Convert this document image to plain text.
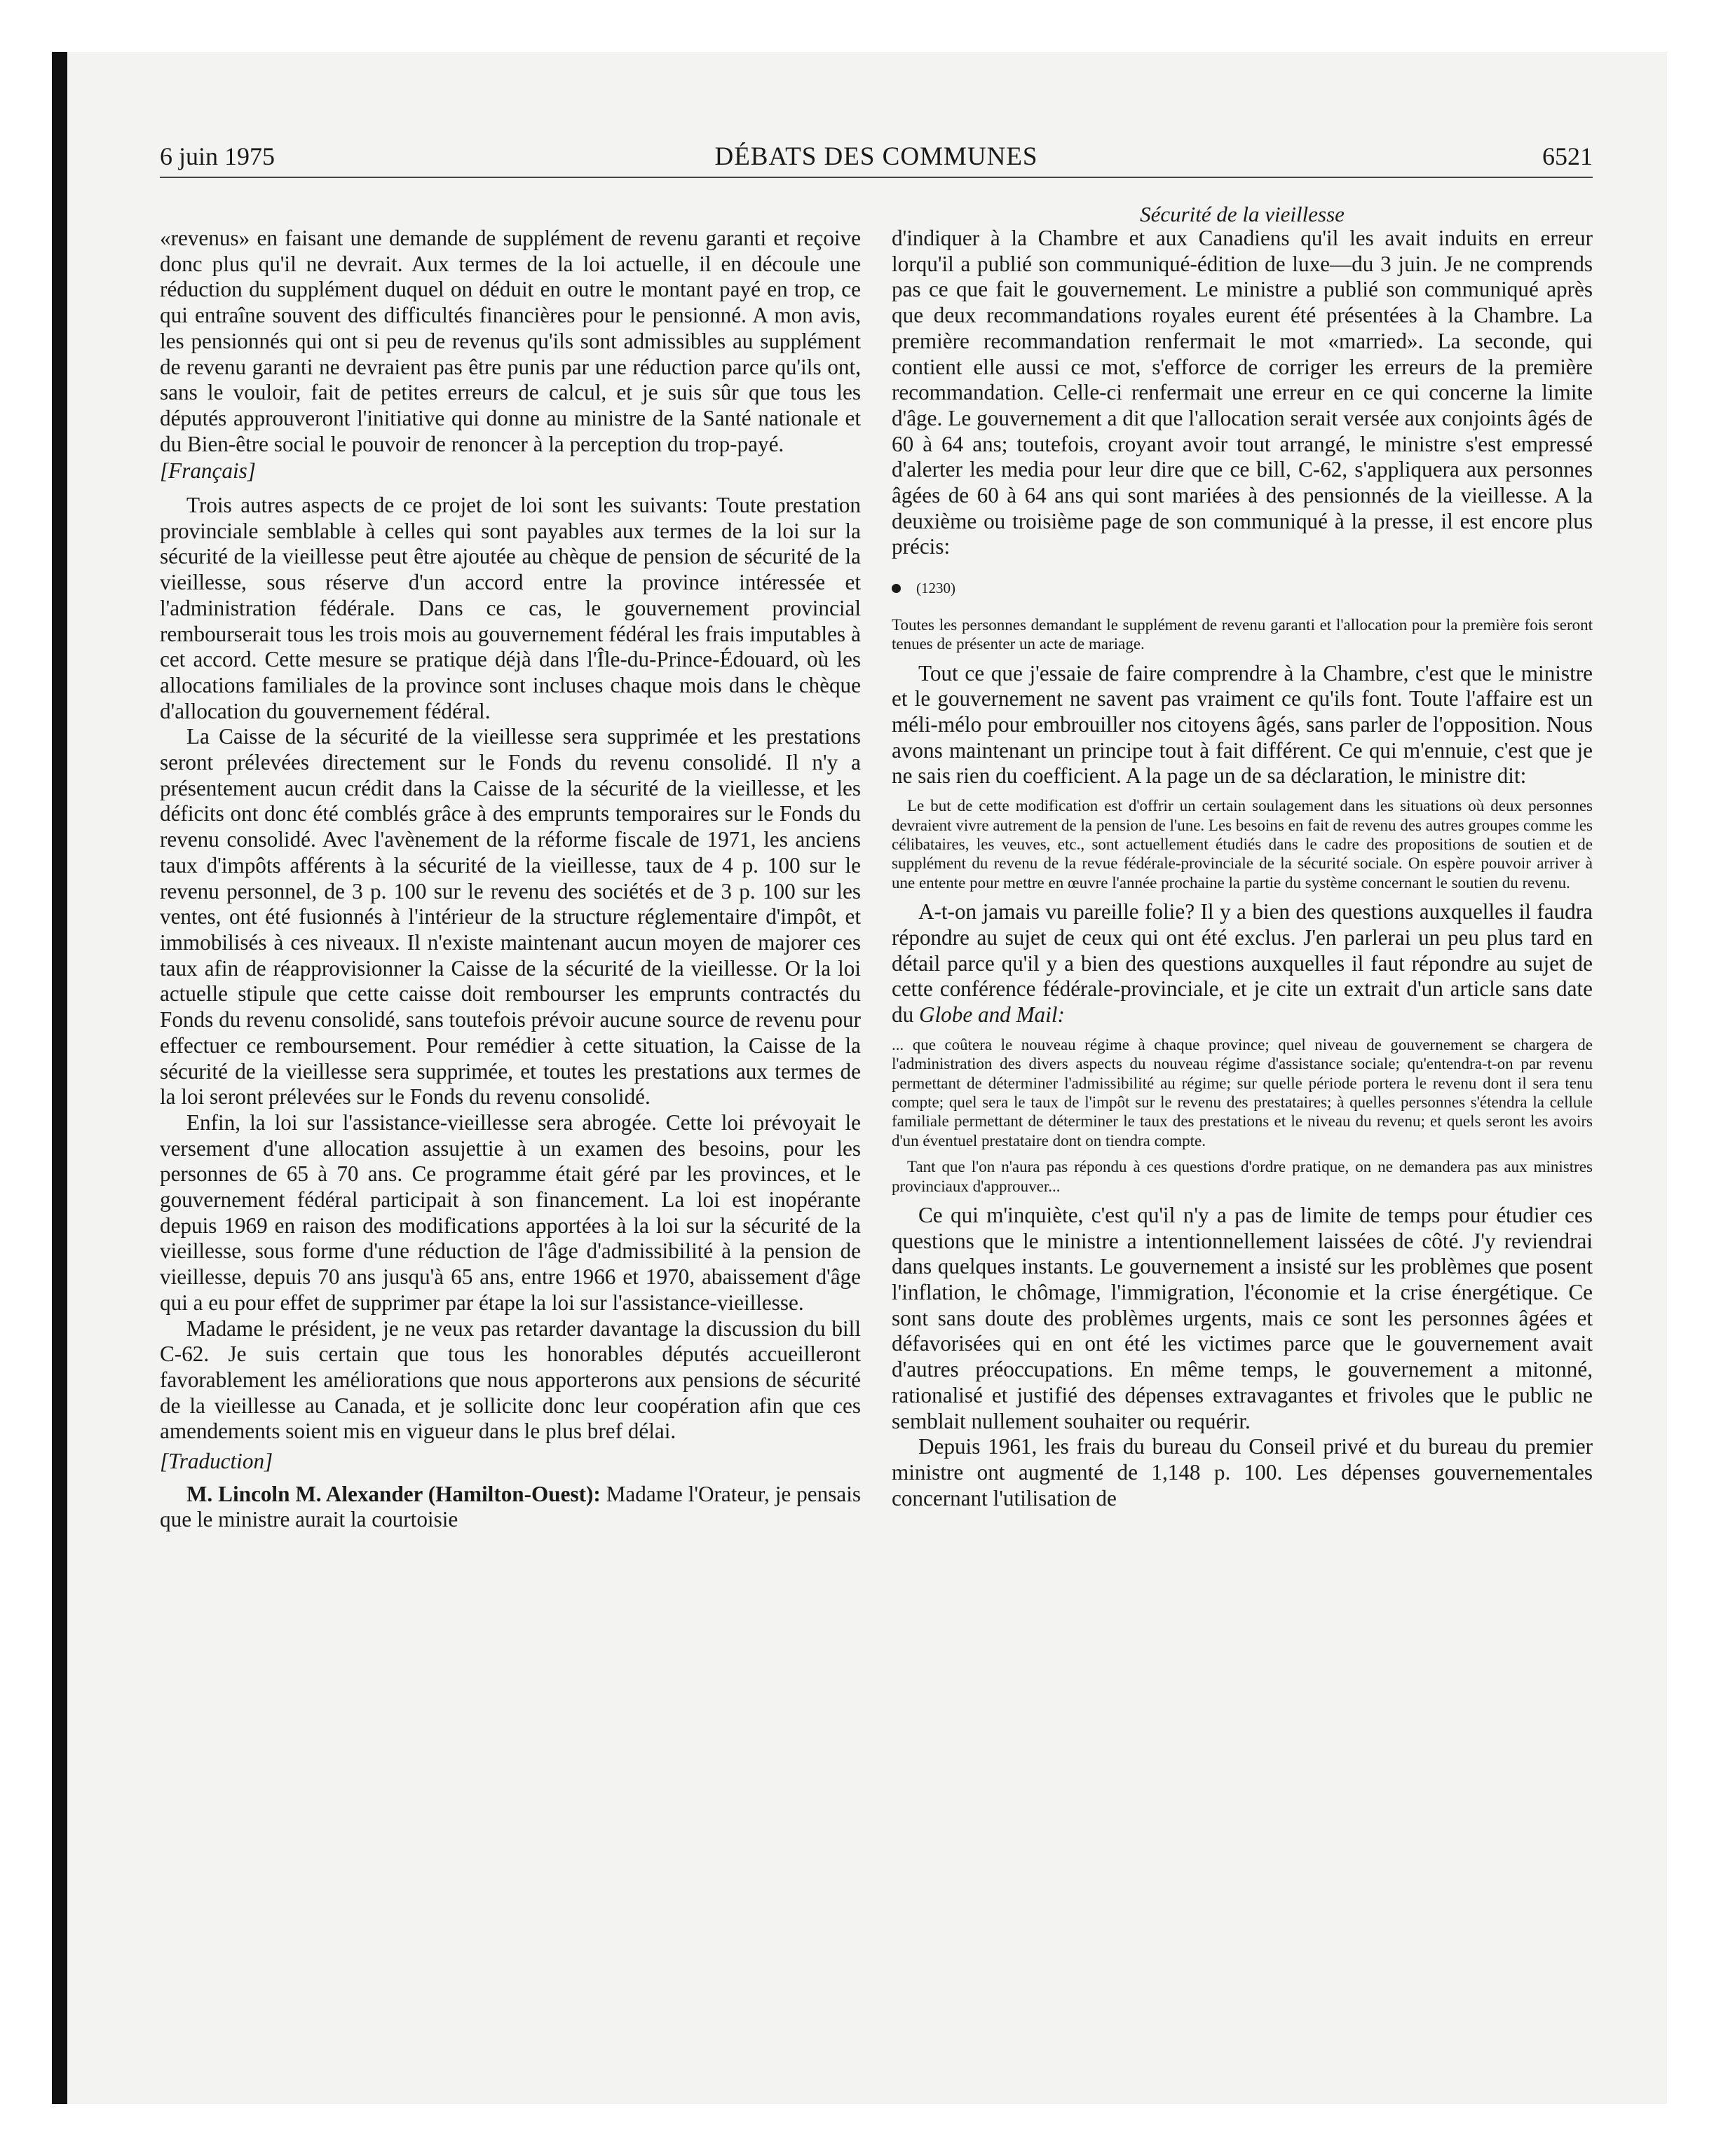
6 juin 1975	DÉBATS DES COMMUNES	6521
Sécurité de la vieillesse

«revenus» en faisant une demande de supplément de revenu garanti et reçoive donc plus qu'il ne devrait. Aux termes de la loi actuelle, il en découle une réduction du supplément duquel on déduit en outre le montant payé en trop, ce qui entraîne souvent des difficultés financières pour le pensionné. A mon avis, les pensionnés qui ont si peu de revenus qu'ils sont admissibles au supplément de revenu garanti ne devraient pas être punis par une réduction parce qu'ils ont, sans le vouloir, fait de petites erreurs de calcul, et je suis sûr que tous les députés approuveront l'initiative qui donne au ministre de la Santé nationale et du Bien-être social le pouvoir de renoncer à la perception du trop-payé.

[Français]

Trois autres aspects de ce projet de loi sont les suivants: Toute prestation provinciale semblable à celles qui sont payables aux termes de la loi sur la sécurité de la vieillesse peut être ajoutée au chèque de pension de sécurité de la vieillesse, sous réserve d'un accord entre la province intéressée et l'administration fédérale. Dans ce cas, le gouvernement provincial rembourserait tous les trois mois au gouvernement fédéral les frais imputables à cet accord. Cette mesure se pratique déjà dans l'Île-du-Prince-Édouard, où les allocations familiales de la province sont incluses chaque mois dans le chèque d'allocation du gouvernement fédéral.

La Caisse de la sécurité de la vieillesse sera supprimée et les prestations seront prélevées directement sur le Fonds du revenu consolidé. Il n'y a présentement aucun crédit dans la Caisse de la sécurité de la vieillesse, et les déficits ont donc été comblés grâce à des emprunts temporaires sur le Fonds du revenu consolidé. Avec l'avènement de la réforme fiscale de 1971, les anciens taux d'impôts afférents à la sécurité de la vieillesse, taux de 4 p. 100 sur le revenu personnel, de 3 p. 100 sur le revenu des sociétés et de 3 p. 100 sur les ventes, ont été fusionnés à l'intérieur de la structure réglementaire d'impôt, et immobilisés à ces niveaux. Il n'existe maintenant aucun moyen de majorer ces taux afin de réapprovisionner la Caisse de la sécurité de la vieillesse. Or la loi actuelle stipule que cette caisse doit rembourser les emprunts contractés du Fonds du revenu consolidé, sans toutefois prévoir aucune source de revenu pour effectuer ce remboursement. Pour remédier à cette situation, la Caisse de la sécurité de la vieillesse sera supprimée, et toutes les prestations aux termes de la loi seront prélevées sur le Fonds du revenu consolidé.

Enfin, la loi sur l'assistance-vieillesse sera abrogée. Cette loi prévoyait le versement d'une allocation assujettie à un examen des besoins, pour les personnes de 65 à 70 ans. Ce programme était géré par les provinces, et le gouvernement fédéral participait à son financement. La loi est inopérante depuis 1969 en raison des modifications apportées à la loi sur la sécurité de la vieillesse, sous forme d'une réduction de l'âge d'admissibilité à la pension de vieillesse, depuis 70 ans jusqu'à 65 ans, entre 1966 et 1970, abaissement d'âge qui a eu pour effet de supprimer par étape la loi sur l'assistance-vieillesse.

Madame le président, je ne veux pas retarder davantage la discussion du bill C-62. Je suis certain que tous les honorables députés accueilleront favorablement les améliorations que nous apporterons aux pensions de sécurité de la vieillesse au Canada, et je sollicite donc leur coopération afin que ces amendements soient mis en vigueur dans le plus bref délai.

[Traduction]

M. Lincoln M. Alexander (Hamilton-Ouest): Madame l'Orateur, je pensais que le ministre aurait la courtoisie

d'indiquer à la Chambre et aux Canadiens qu'il les avait induits en erreur lorqu'il a publié son communiqué-édition de luxe—du 3 juin. Je ne comprends pas ce que fait le gouvernement. Le ministre a publié son communiqué après que deux recommandations royales eurent été présentées à la Chambre. La première recommandation renfermait le mot «married». La seconde, qui contient elle aussi ce mot, s'efforce de corriger les erreurs de la première recommandation. Celle-ci renfermait une erreur en ce qui concerne la limite d'âge. Le gouvernement a dit que l'allocation serait versée aux conjoints âgés de 60 à 64 ans; toutefois, croyant avoir tout arrangé, le ministre s'est empressé d'alerter les media pour leur dire que ce bill, C-62, s'appliquera aux personnes âgées de 60 à 64 ans qui sont mariées à des pensionnés de la vieillesse. A la deuxième ou troisième page de son communiqué à la presse, il est encore plus précis:

(1230)

Toutes les personnes demandant le supplément de revenu garanti et l'allocation pour la première fois seront tenues de présenter un acte de mariage.

Tout ce que j'essaie de faire comprendre à la Chambre, c'est que le ministre et le gouvernement ne savent pas vraiment ce qu'ils font. Toute l'affaire est un méli-mélo pour embrouiller nos citoyens âgés, sans parler de l'opposition. Nous avons maintenant un principe tout à fait différent. Ce qui m'ennuie, c'est que je ne sais rien du coefficient. A la page un de sa déclaration, le ministre dit:

Le but de cette modification est d'offrir un certain soulagement dans les situations où deux personnes devraient vivre autrement de la pension de l'une. Les besoins en fait de revenu des autres groupes comme les célibataires, les veuves, etc., sont actuellement étudiés dans le cadre des propositions de soutien et de supplément du revenu de la revue fédérale-provinciale de la sécurité sociale. On espère pouvoir arriver à une entente pour mettre en œuvre l'année prochaine la partie du système concernant le soutien du revenu.

A-t-on jamais vu pareille folie? Il y a bien des questions auxquelles il faudra répondre au sujet de ceux qui ont été exclus. J'en parlerai un peu plus tard en détail parce qu'il y a bien des questions auxquelles il faut répondre au sujet de cette conférence fédérale-provinciale, et je cite un extrait d'un article sans date du Globe and Mail:

... que coûtera le nouveau régime à chaque province; quel niveau de gouvernement se chargera de l'administration des divers aspects du nouveau régime d'assistance sociale; qu'entendra-t-on par revenu permettant de déterminer l'admissibilité au régime; sur quelle période portera le revenu dont il sera tenu compte; quel sera le taux de l'impôt sur le revenu des prestataires; à quelles personnes s'étendra la cellule familiale permettant de déterminer le taux des prestations et le niveau du revenu; et quels seront les avoirs d'un éventuel prestataire dont on tiendra compte.

Tant que l'on n'aura pas répondu à ces questions d'ordre pratique, on ne demandera pas aux ministres provinciaux d'approuver...

Ce qui m'inquiète, c'est qu'il n'y a pas de limite de temps pour étudier ces questions que le ministre a intentionnellement laissées de côté. J'y reviendrai dans quelques instants. Le gouvernement a insisté sur les problèmes que posent l'inflation, le chômage, l'immigration, l'économie et la crise énergétique. Ce sont sans doute des problèmes urgents, mais ce sont les personnes âgées et défavorisées qui en ont été les victimes parce que le gouvernement avait d'autres préoccupations. En même temps, le gouvernement a mitonné, rationalisé et justifié des dépenses extravagantes et frivoles que le public ne semblait nullement souhaiter ou requérir.

Depuis 1961, les frais du bureau du Conseil privé et du bureau du premier ministre ont augmenté de 1,148 p. 100. Les dépenses gouvernementales concernant l'utilisation de
